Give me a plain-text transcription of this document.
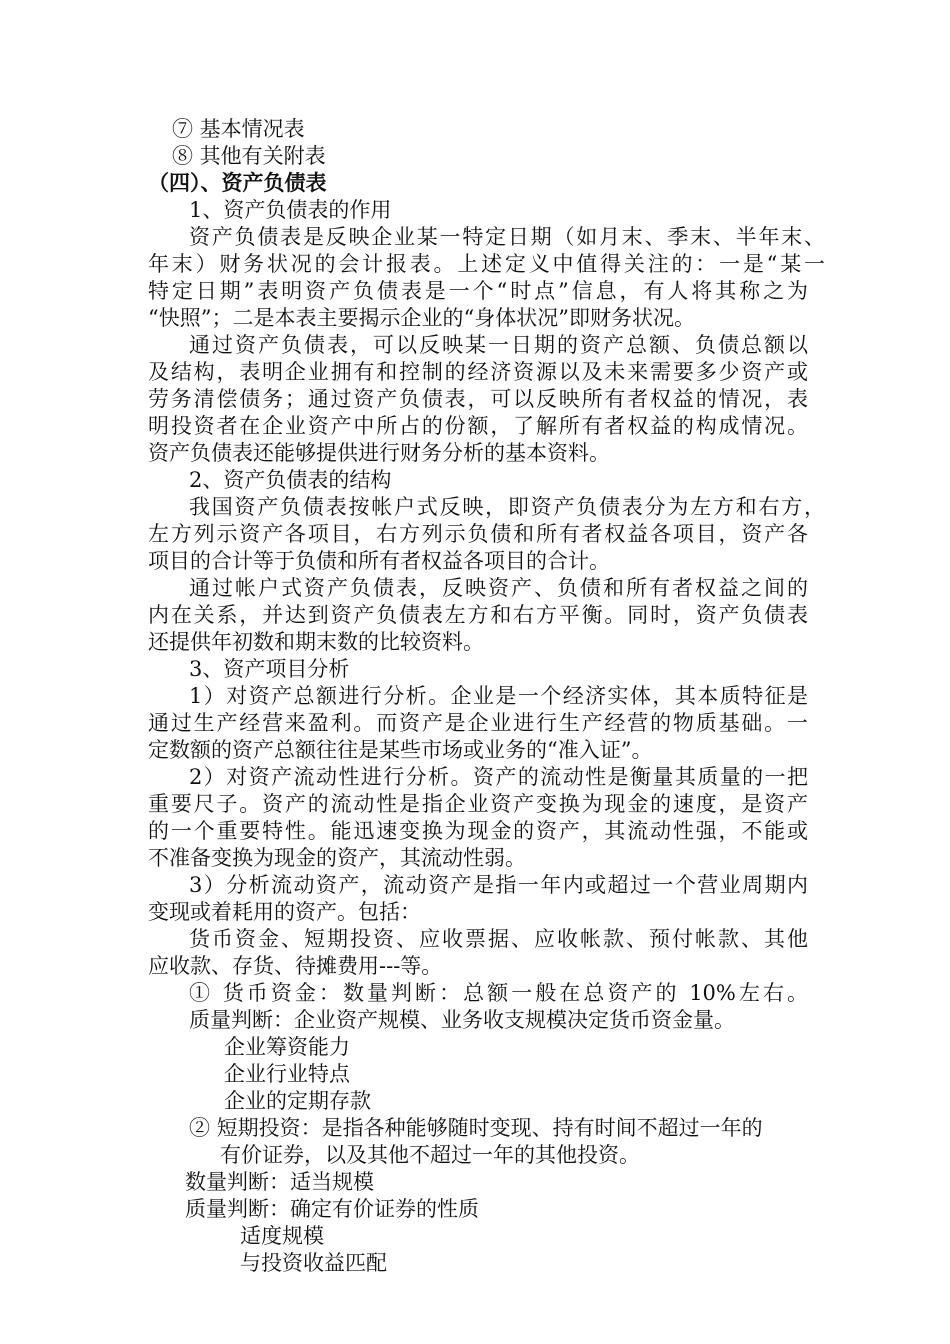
⑦ 基本情况表
⑧ 其他有关附表
（四）、资产负债表
1、资产负债表的作用
资产负债表是反映企业某一特定日期（如月末、季末、半年末、
年末）财务状况的会计报表。上述定义中值得关注的：一是“某一
特定日期”表明资产负债表是一个“时点”信息，有人将其称之为
“快照”；二是本表主要揭示企业的“身体状况”即财务状况。
通过资产负债表，可以反映某一日期的资产总额、负债总额以
及结构，表明企业拥有和控制的经济资源以及未来需要多少资产或
劳务清偿债务；通过资产负债表，可以反映所有者权益的情况，表
明投资者在企业资产中所占的份额，了解所有者权益的构成情况。
资产负债表还能够提供进行财务分析的基本资料。
2、资产负债表的结构
我国资产负债表按帐户式反映，即资产负债表分为左方和右方，
左方列示资产各项目，右方列示负债和所有者权益各项目，资产各
项目的合计等于负债和所有者权益各项目的合计。
通过帐户式资产负债表，反映资产、负债和所有者权益之间的
内在关系，并达到资产负债表左方和右方平衡。同时，资产负债表
还提供年初数和期末数的比较资料。
3、资产项目分析
1）对资产总额进行分析。企业是一个经济实体，其本质特征是
通过生产经营来盈利。而资产是企业进行生产经营的物质基础。一
定数额的资产总额往往是某些市场或业务的“准入证”。
2）对资产流动性进行分析。资产的流动性是衡量其质量的一把
重要尺子。资产的流动性是指企业资产变换为现金的速度，是资产
的一个重要特性。能迅速变换为现金的资产，其流动性强，不能或
不准备变换为现金的资产，其流动性弱。
3）分析流动资产，流动资产是指一年内或超过一个营业周期内
变现或着耗用的资产。包括：
货币资金、短期投资、应收票据、应收帐款、预付帐款、其他
应收款、存货、待摊费用---等。
① 货币资金：数量判断：总额一般在总资产的 10%左右。
质量判断：企业资产规模、业务收支规模决定货币资金量。
企业筹资能力
企业行业特点
企业的定期存款
② 短期投资：是指各种能够随时变现、持有时间不超过一年的
有价证券，以及其他不超过一年的其他投资。
数量判断：适当规模
质量判断：确定有价证券的性质
适度规模
与投资收益匹配
